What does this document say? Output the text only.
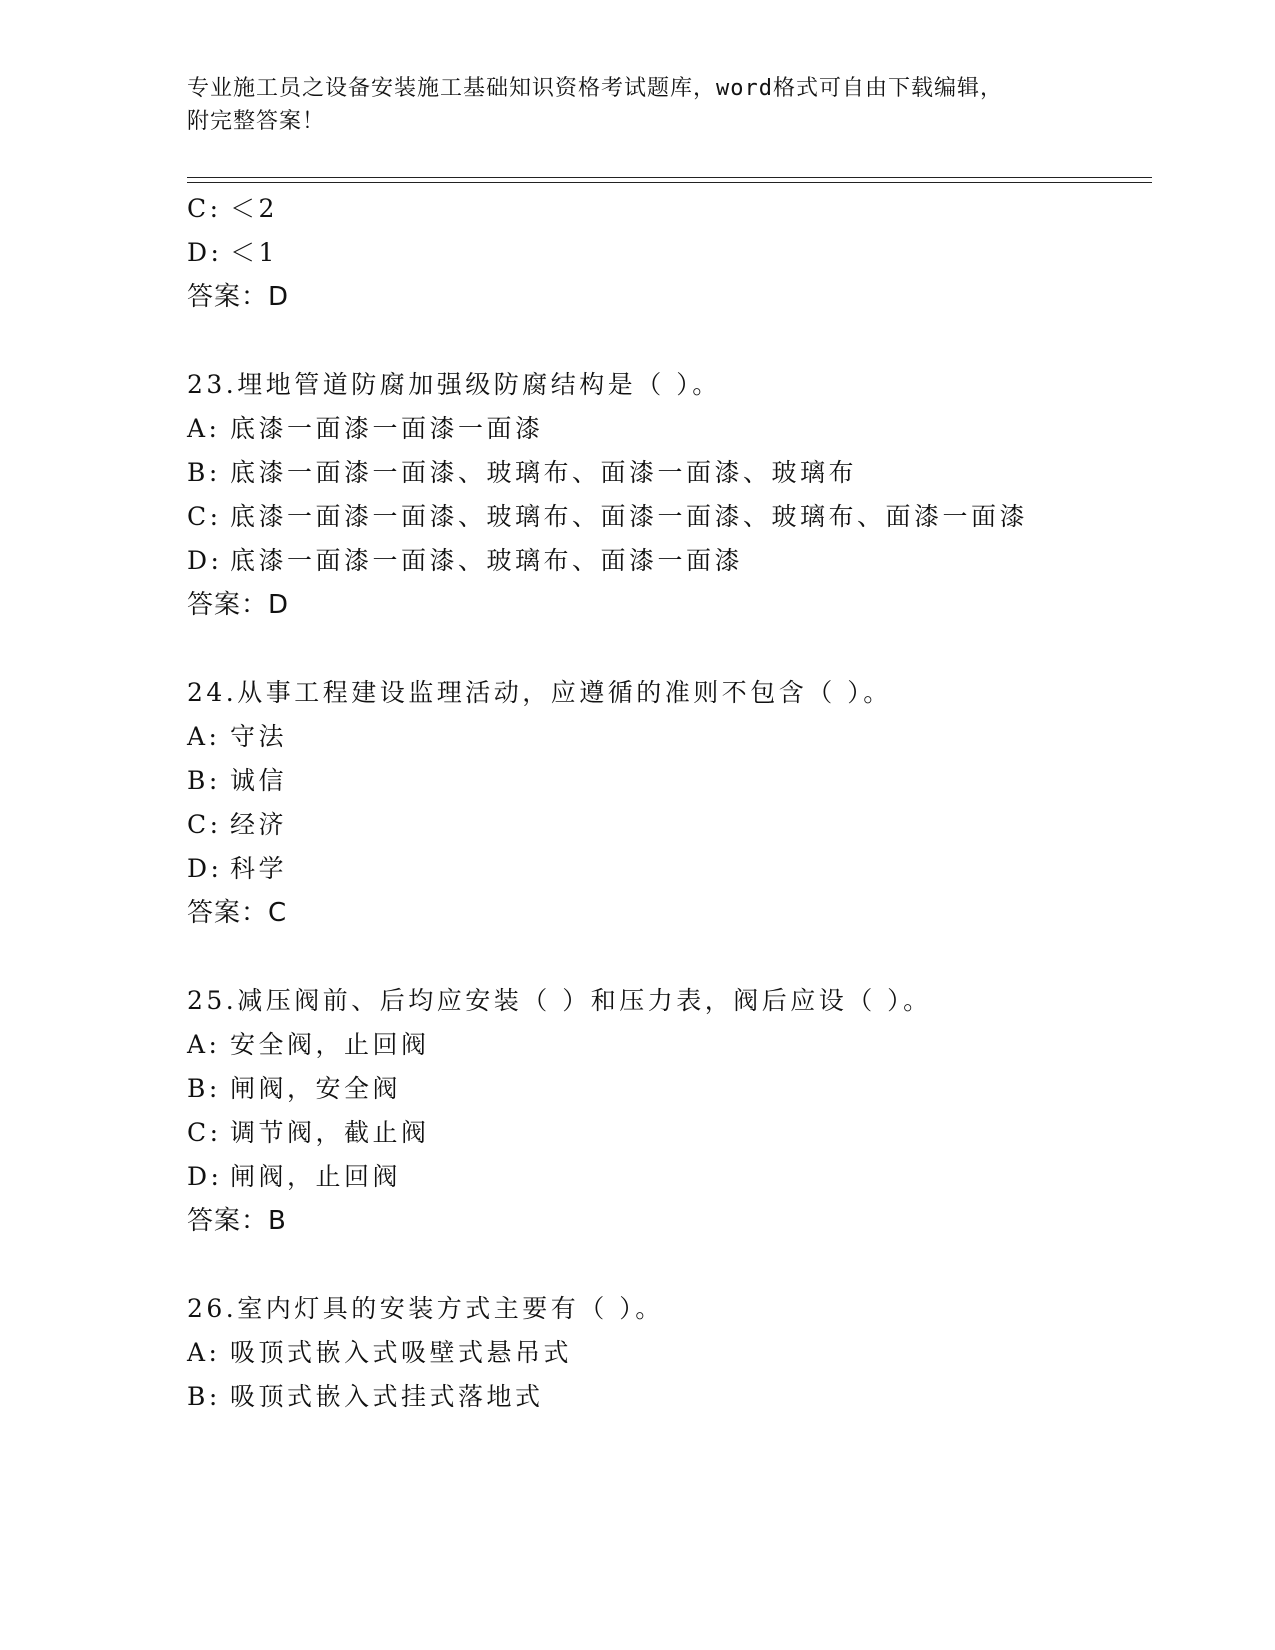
专业施工员之设备安装施工基础知识资格考试题库，word格式可自由下载编辑，
附完整答案！
C: ＜2
D: ＜1
答案：D
23.埋地管道防腐加强级防腐结构是（ ）。
A: 底漆一面漆一面漆一面漆
B: 底漆一面漆一面漆、玻璃布、面漆一面漆、玻璃布
C: 底漆一面漆一面漆、玻璃布、面漆一面漆、玻璃布、面漆一面漆
D: 底漆一面漆一面漆、玻璃布、面漆一面漆
答案：D
24.从事工程建设监理活动，应遵循的准则不包含（ ）。
A: 守法
B: 诚信
C: 经济
D: 科学
答案：C
25.减压阀前、后均应安装（ ）和压力表，阀后应设（ ）。
A: 安全阀，止回阀
B: 闸阀，安全阀
C: 调节阀，截止阀
D: 闸阀，止回阀
答案：B
26.室内灯具的安装方式主要有（ ）。
A: 吸顶式嵌入式吸壁式悬吊式
B: 吸顶式嵌入式挂式落地式
